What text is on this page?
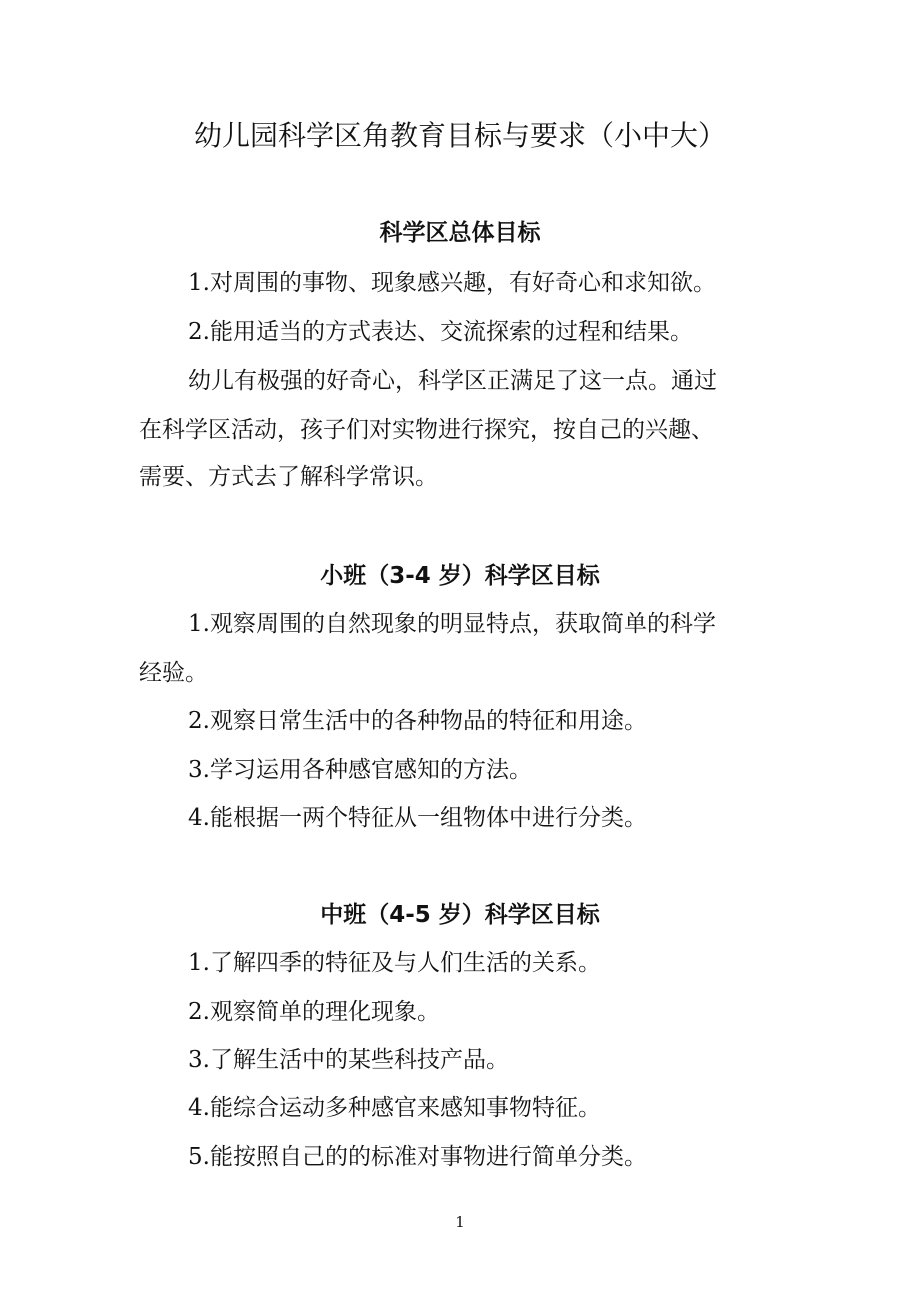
幼儿园科学区角教育目标与要求（小中大）
科学区总体目标
1.对周围的事物、现象感兴趣，有好奇心和求知欲。
2.能用适当的方式表达、交流探索的过程和结果。
幼儿有极强的好奇心，科学区正满足了这一点。通过
在科学区活动，孩子们对实物进行探究，按自己的兴趣、
需要、方式去了解科学常识。
小班（3-4 岁）科学区目标
1.观察周围的自然现象的明显特点，获取简单的科学
经验。
2.观察日常生活中的各种物品的特征和用途。
3.学习运用各种感官感知的方法。
4.能根据一两个特征从一组物体中进行分类。
中班（4-5 岁）科学区目标
1.了解四季的特征及与人们生活的关系。
2.观察简单的理化现象。
3.了解生活中的某些科技产品。
4.能综合运动多种感官来感知事物特征。
5.能按照自己的的标准对事物进行简单分类。
1
